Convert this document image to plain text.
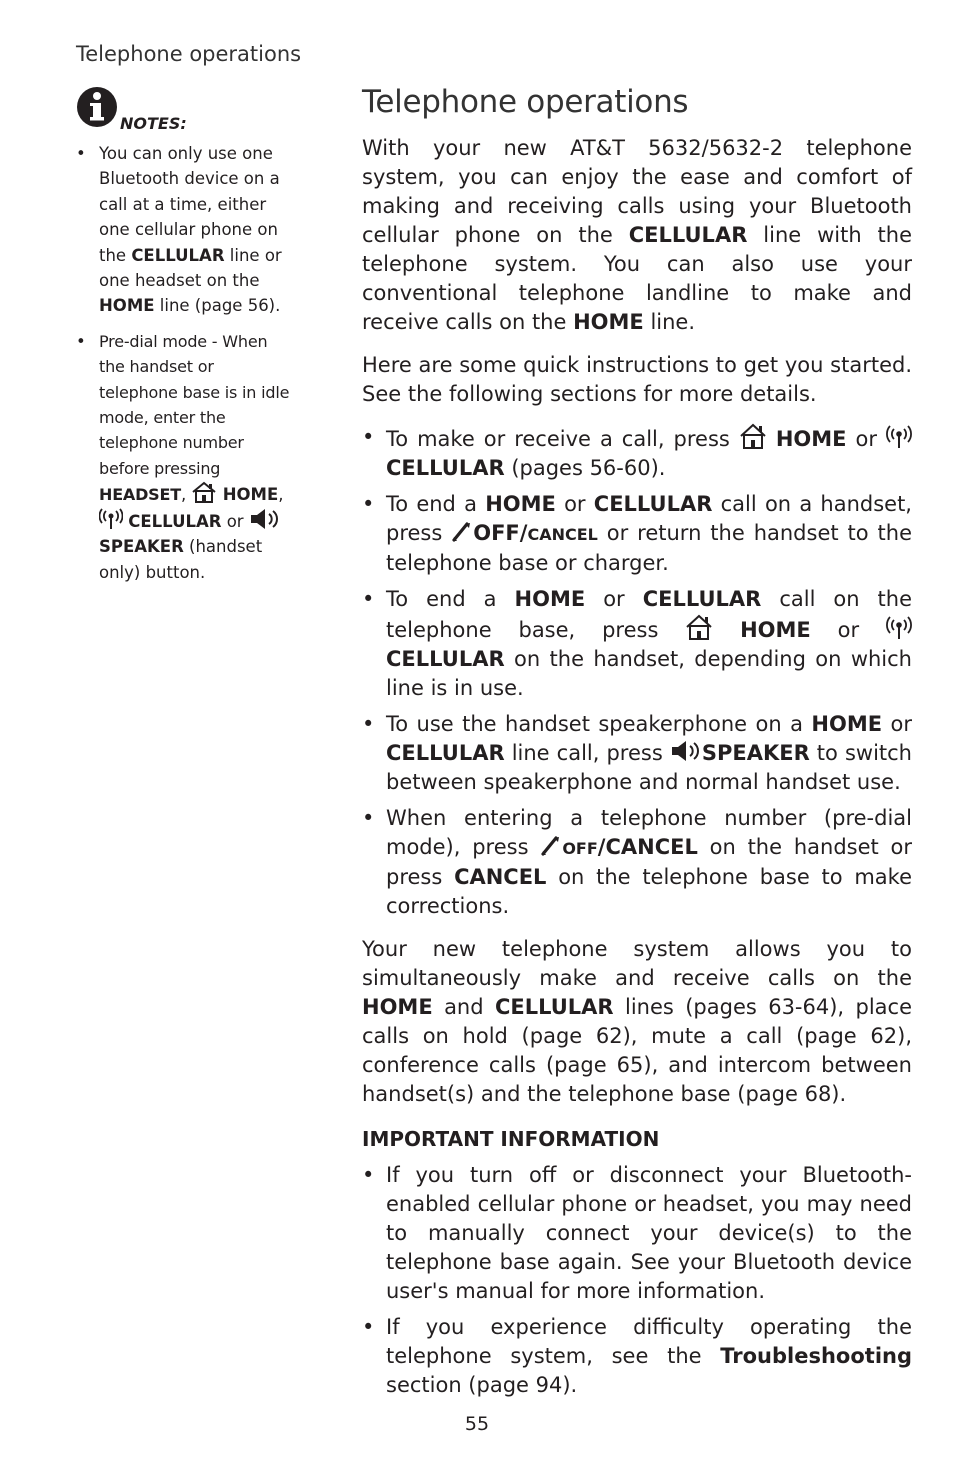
Telephone operations
NOTES:
• You can only use one Bluetooth device on a call at a time, either one cellular phone on the CELLULAR line or one headset on the HOME line (page 56).
• Pre-dial mode - When the handset or telephone base is in idle mode, enter the telephone number before pressing HEADSET,  HOME,
CELLULAR or
SPEAKER (handset only) button.
Telephone operations

With your new AT&T 5632/5632-2 telephone system, you can enjoy the ease and comfort of making and receiving calls using your Bluetooth cellular phone on the CELLULAR line with the telephone system. You can also use your conventional telephone landline to make and receive calls on the HOME line.

Here are some quick instructions to get you started. See the following sections for more details.

• To make or receive a call, press  HOME or  CELLULAR (pages 56-60).
• To end a HOME or CELLULAR call on a handset, press OFF/CANCEL or return the handset to the telephone base or charger.
• To end a HOME or CELLULAR call on the telephone base, press	HOME or  CELLULAR on the handset, depending on which line is in use.
• To use the handset speakerphone on a HOME or CELLULAR line call, press SPEAKER to switch between speakerphone and normal handset use.
• When entering a telephone number (pre-dial mode), press OFF/CANCEL on the handset or press CANCEL on the telephone base to make corrections.

Your new telephone system allows you to simultaneously make and receive calls on the HOME and CELLULAR lines (pages 63-64), place calls on hold (page 62), mute a call (page 62), conference calls (page 65), and intercom between handset(s) and the telephone base (page 68).

IMPORTANT INFORMATION
• If you turn off or disconnect your Bluetooth-enabled cellular phone or headset, you may need to manually connect your device(s) to the telephone base again. See your Bluetooth device user's manual for more information.
• If you experience difficulty operating the telephone system, see the Troubleshooting section (page 94).
55
